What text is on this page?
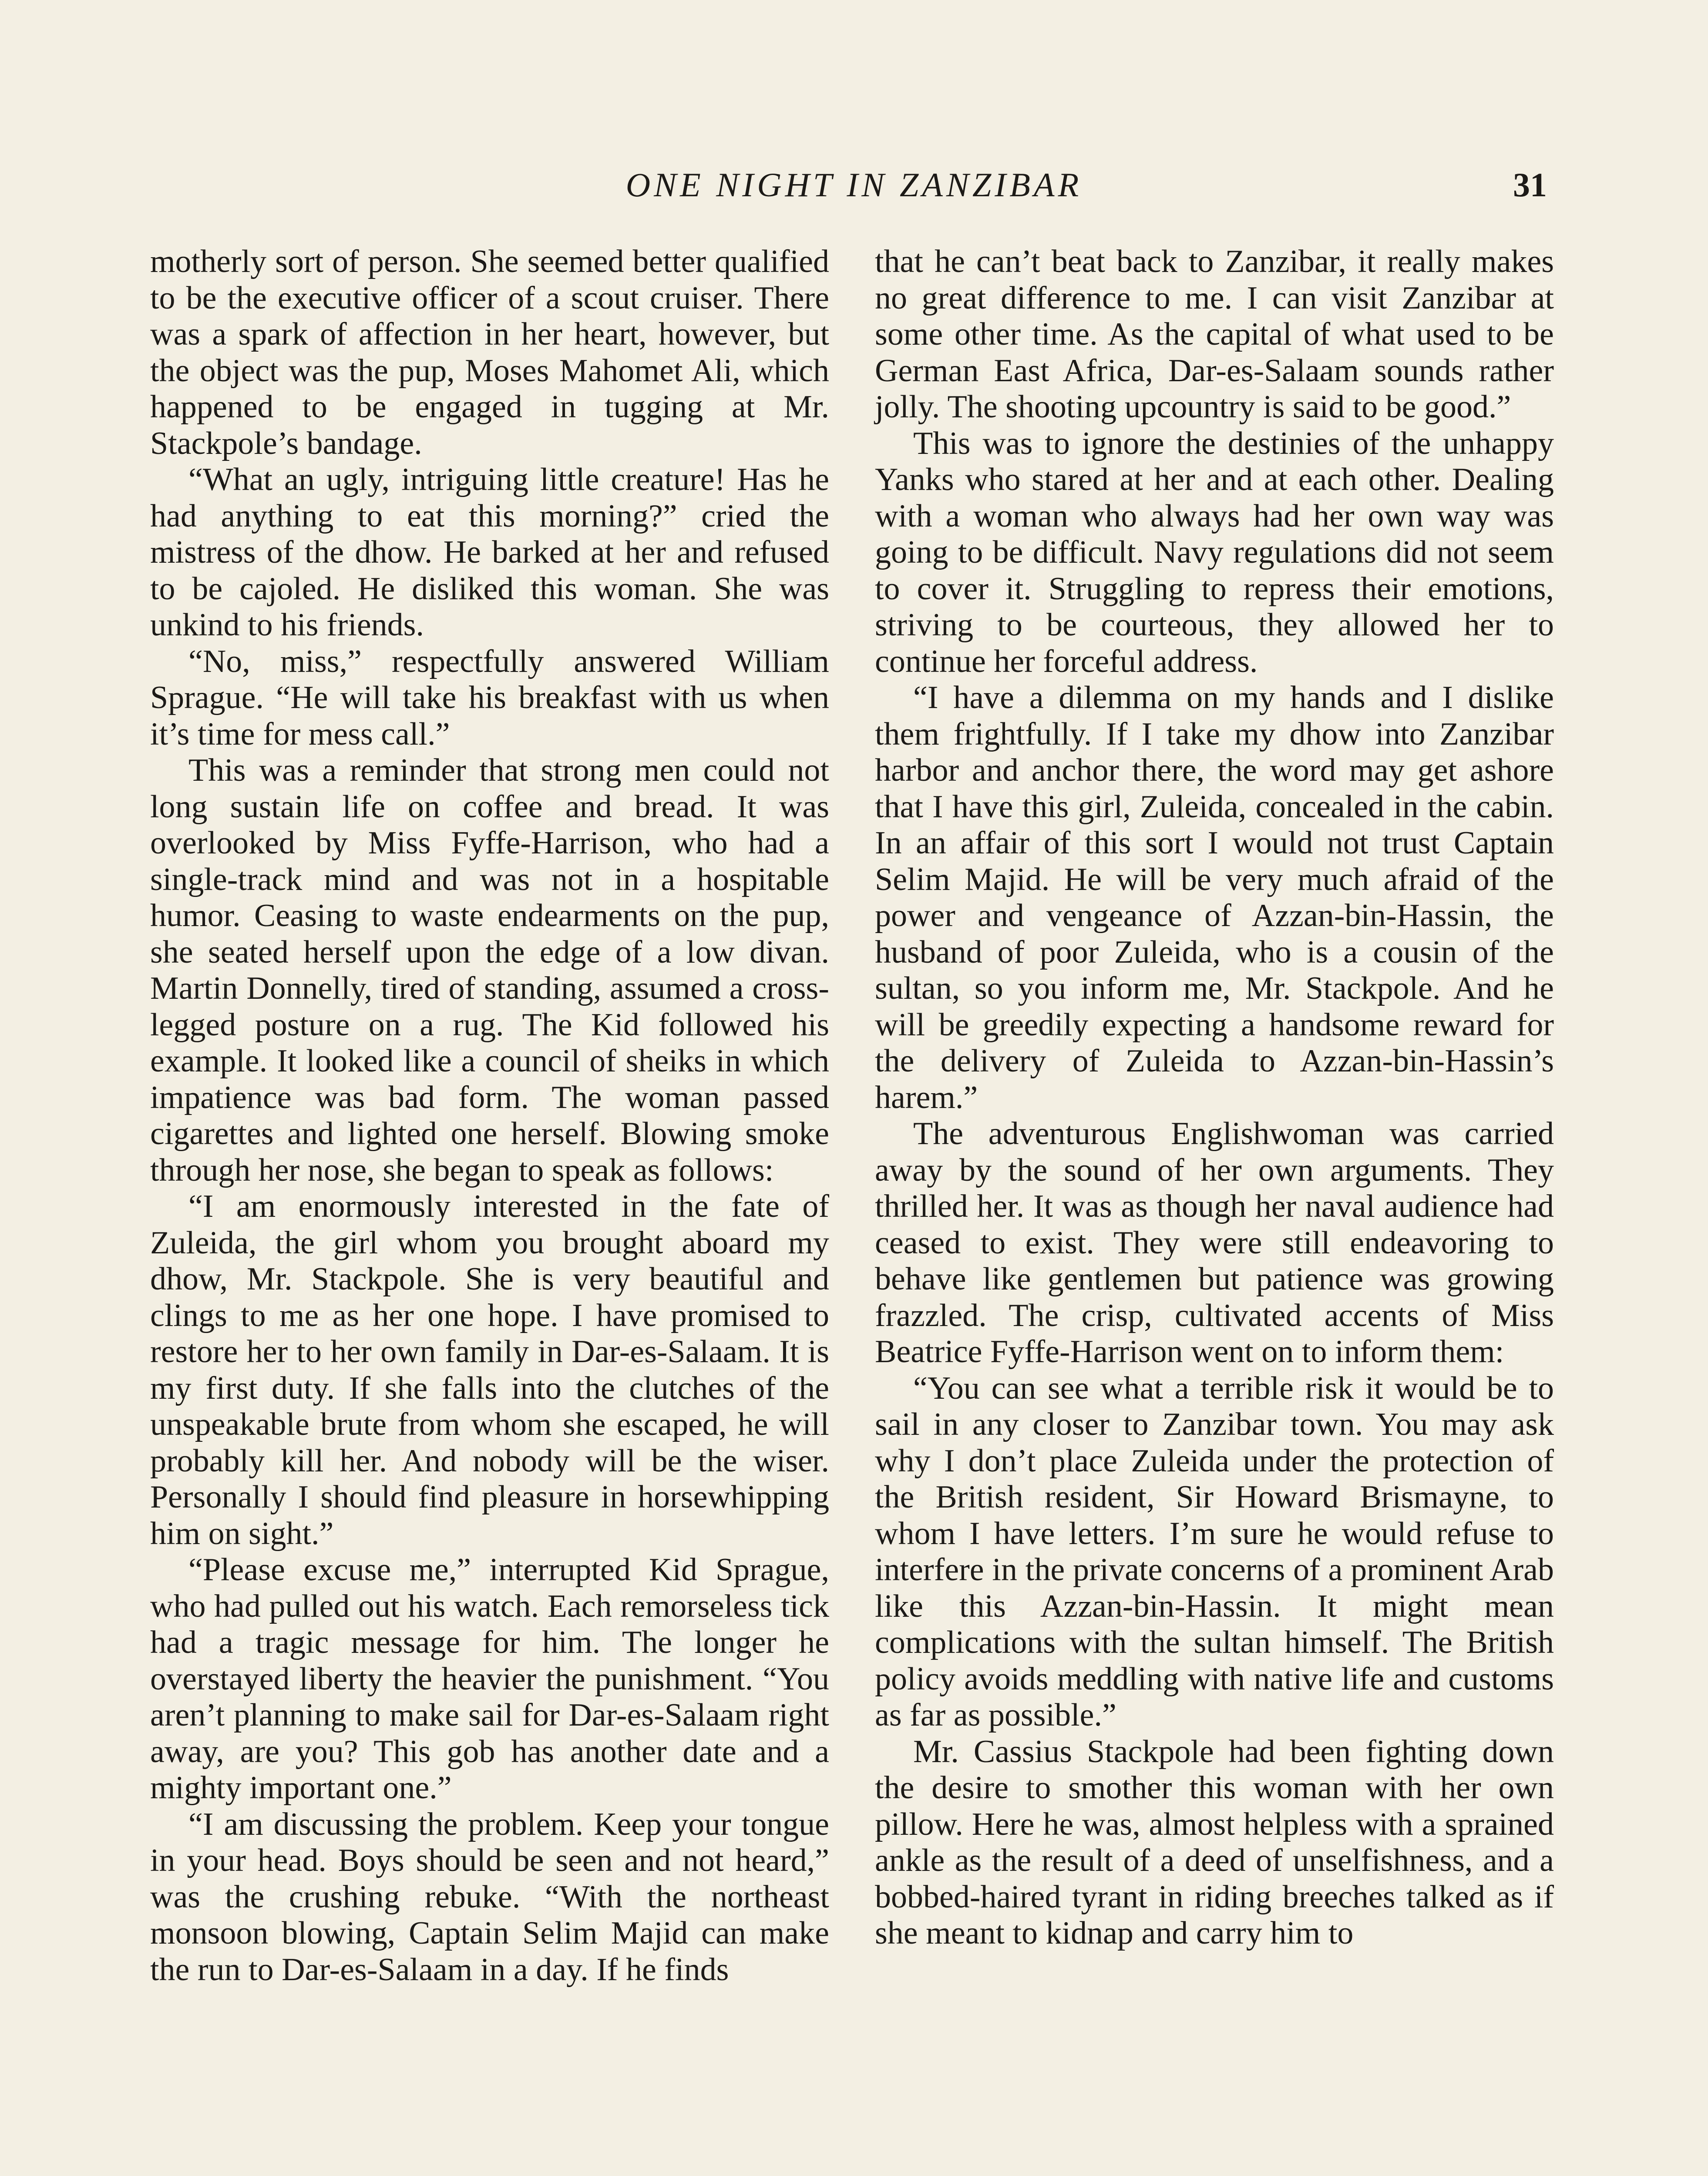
ONE NIGHT IN ZANZIBAR	31

motherly sort of person. She seemed better qualified to be the executive officer of a scout cruiser. There was a spark of affection in her heart, however, but the object was the pup, Moses Mahomet Ali, which happened to be engaged in tugging at Mr. Stackpole’s bandage.

“What an ugly, intriguing little creature! Has he had anything to eat this morning?” cried the mistress of the dhow. He barked at her and refused to be cajoled. He disliked this woman. She was unkind to his friends.

“No, miss,” respectfully answered William Sprague. “He will take his breakfast with us when it’s time for mess call.”

This was a reminder that strong men could not long sustain life on coffee and bread. It was overlooked by Miss Fyffe-Harrison, who had a single-track mind and was not in a hospitable humor. Ceasing to waste endearments on the pup, she seated herself upon the edge of a low divan. Martin Donnelly, tired of standing, assumed a cross-legged posture on a rug. The Kid followed his example. It looked like a council of sheiks in which impatience was bad form. The woman passed cigarettes and lighted one herself. Blowing smoke through her nose, she began to speak as follows:

“I am enormously interested in the fate of Zuleida, the girl whom you brought aboard my dhow, Mr. Stackpole. She is very beautiful and clings to me as her one hope. I have promised to restore her to her own family in Dar-es-Salaam. It is my first duty. If she falls into the clutches of the unspeakable brute from whom she escaped, he will probably kill her. And nobody will be the wiser. Personally I should find pleasure in horsewhipping him on sight.”

“Please excuse me,” interrupted Kid Sprague, who had pulled out his watch. Each remorseless tick had a tragic message for him. The longer he overstayed liberty the heavier the punishment. “You aren’t planning to make sail for Dar-es-Salaam right away, are you? This gob has another date and a mighty important one.”

“I am discussing the problem. Keep your tongue in your head. Boys should be seen and not heard,” was the crushing rebuke. “With the northeast monsoon blowing, Captain Selim Majid can make the run to Dar-es-Salaam in a day. If he finds

that he can’t beat back to Zanzibar, it really makes no great difference to me. I can visit Zanzibar at some other time. As the capital of what used to be German East Africa, Dar-es-Salaam sounds rather jolly. The shooting upcountry is said to be good.”

This was to ignore the destinies of the unhappy Yanks who stared at her and at each other. Dealing with a woman who always had her own way was going to be difficult. Navy regulations did not seem to cover it. Struggling to repress their emotions, striving to be courteous, they allowed her to continue her forceful address.

“I have a dilemma on my hands and I dislike them frightfully. If I take my dhow into Zanzibar harbor and anchor there, the word may get ashore that I have this girl, Zuleida, concealed in the cabin. In an affair of this sort I would not trust Captain Selim Majid. He will be very much afraid of the power and vengeance of Azzan-bin-Hassin, the husband of poor Zuleida, who is a cousin of the sultan, so you inform me, Mr. Stackpole. And he will be greedily expecting a handsome reward for the delivery of Zuleida to Azzan-bin-Hassin’s harem.”

The adventurous Englishwoman was carried away by the sound of her own arguments. They thrilled her. It was as though her naval audience had ceased to exist. They were still endeavoring to behave like gentlemen but patience was growing frazzled. The crisp, cultivated accents of Miss Beatrice Fyffe-Harrison went on to inform them:

“You can see what a terrible risk it would be to sail in any closer to Zanzibar town. You may ask why I don’t place Zuleida under the protection of the British resident, Sir Howard Brismayne, to whom I have letters. I’m sure he would refuse to interfere in the private concerns of a prominent Arab like this Azzan-bin-Hassin. It might mean complications with the sultan himself. The British policy avoids meddling with native life and customs as far as possible.”

Mr. Cassius Stackpole had been fighting down the desire to smother this woman with her own pillow. Here he was, almost helpless with a sprained ankle as the result of a deed of unselfishness, and a bobbed-haired tyrant in riding breeches talked as if she meant to kidnap and carry him to
